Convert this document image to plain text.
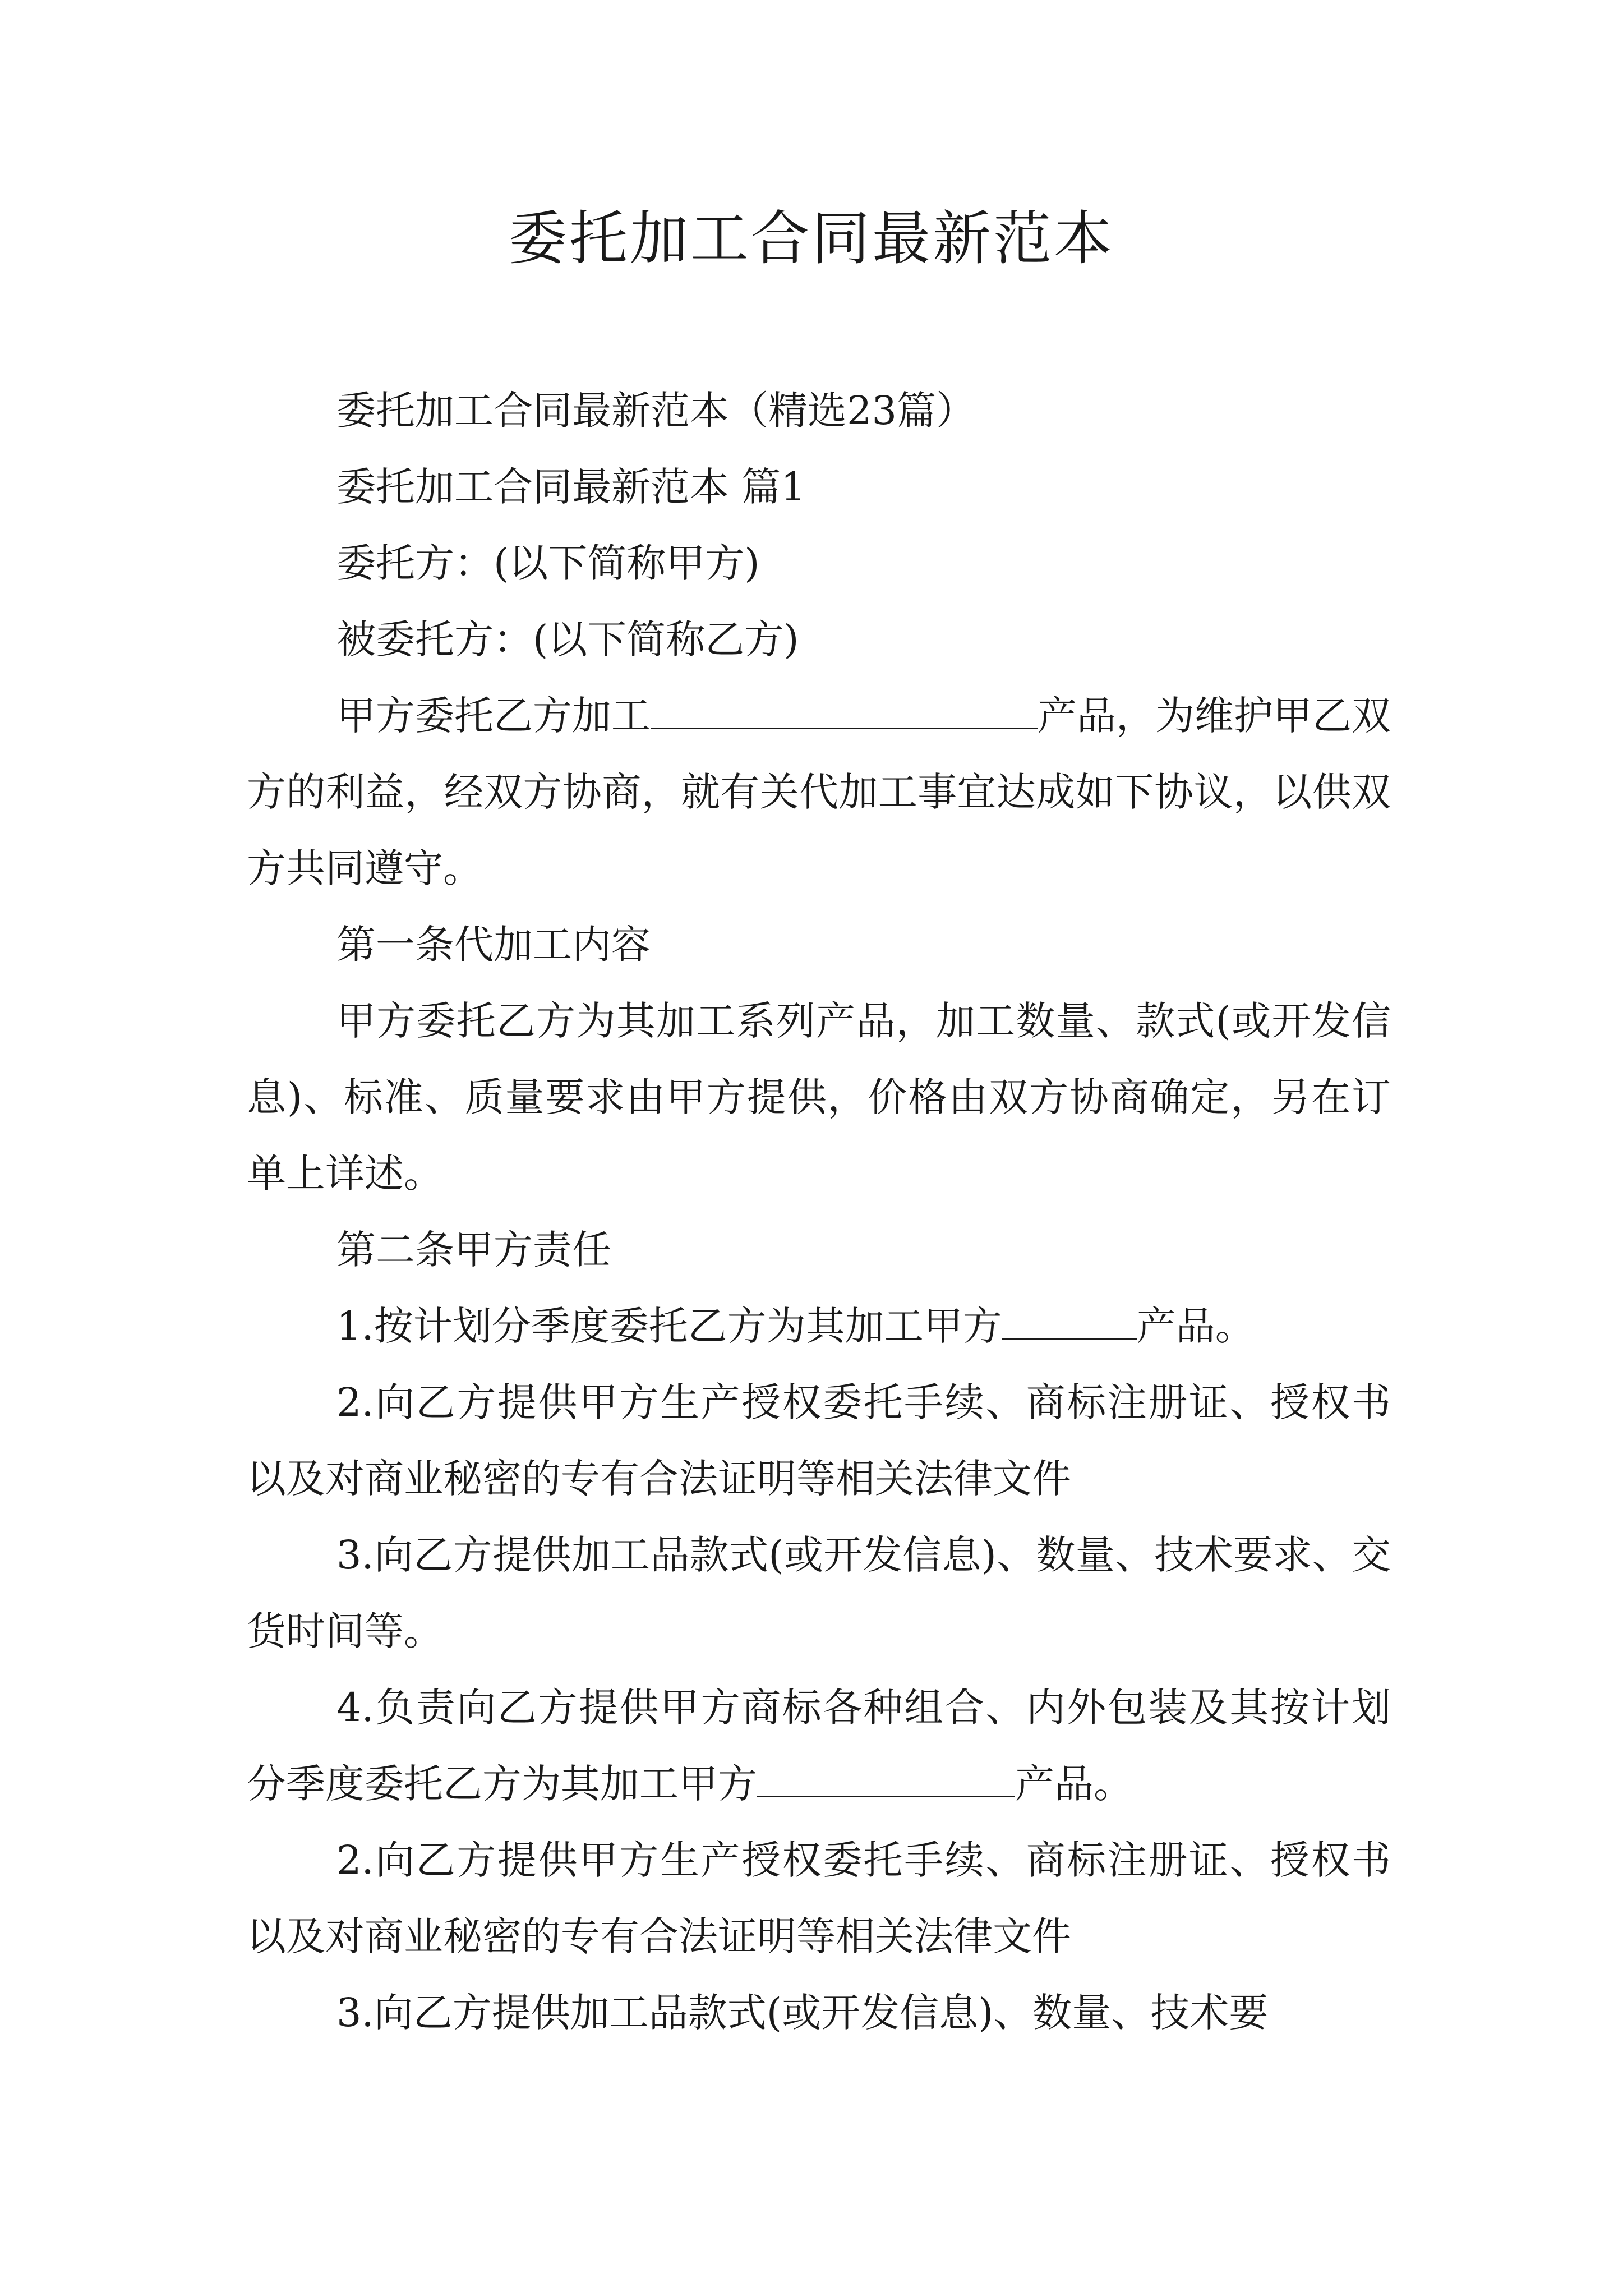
委托加工合同最新范本

委托加工合同最新范本（精选23篇）

委托加工合同最新范本 篇1

委托方：(以下简称甲方)

被委托方：(以下简称乙方)

甲方委托乙方加工	产品，为维护甲乙双方的利益，经双方协商，就有关代加工事宜达成如下协议，以供双方共同遵守。

第一条代加工内容

甲方委托乙方为其加工系列产品，加工数量、款式(或开发信息)、标准、质量要求由甲方提供，价格由双方协商确定，另在订单上详述。

第二条甲方责任

1.按计划分季度委托乙方为其加工甲方	产品。

2.向乙方提供甲方生产授权委托手续、商标注册证、授权书以及对商业秘密的专有合法证明等相关法律文件

3.向乙方提供加工品款式(或开发信息)、数量、技术要求、交货时间等。

4.负责向乙方提供甲方商标各种组合、内外包装及其按计划分季度委托乙方为其加工甲方	产品。

2.向乙方提供甲方生产授权委托手续、商标注册证、授权书以及对商业秘密的专有合法证明等相关法律文件

3.向乙方提供加工品款式(或开发信息)、数量、技术要
